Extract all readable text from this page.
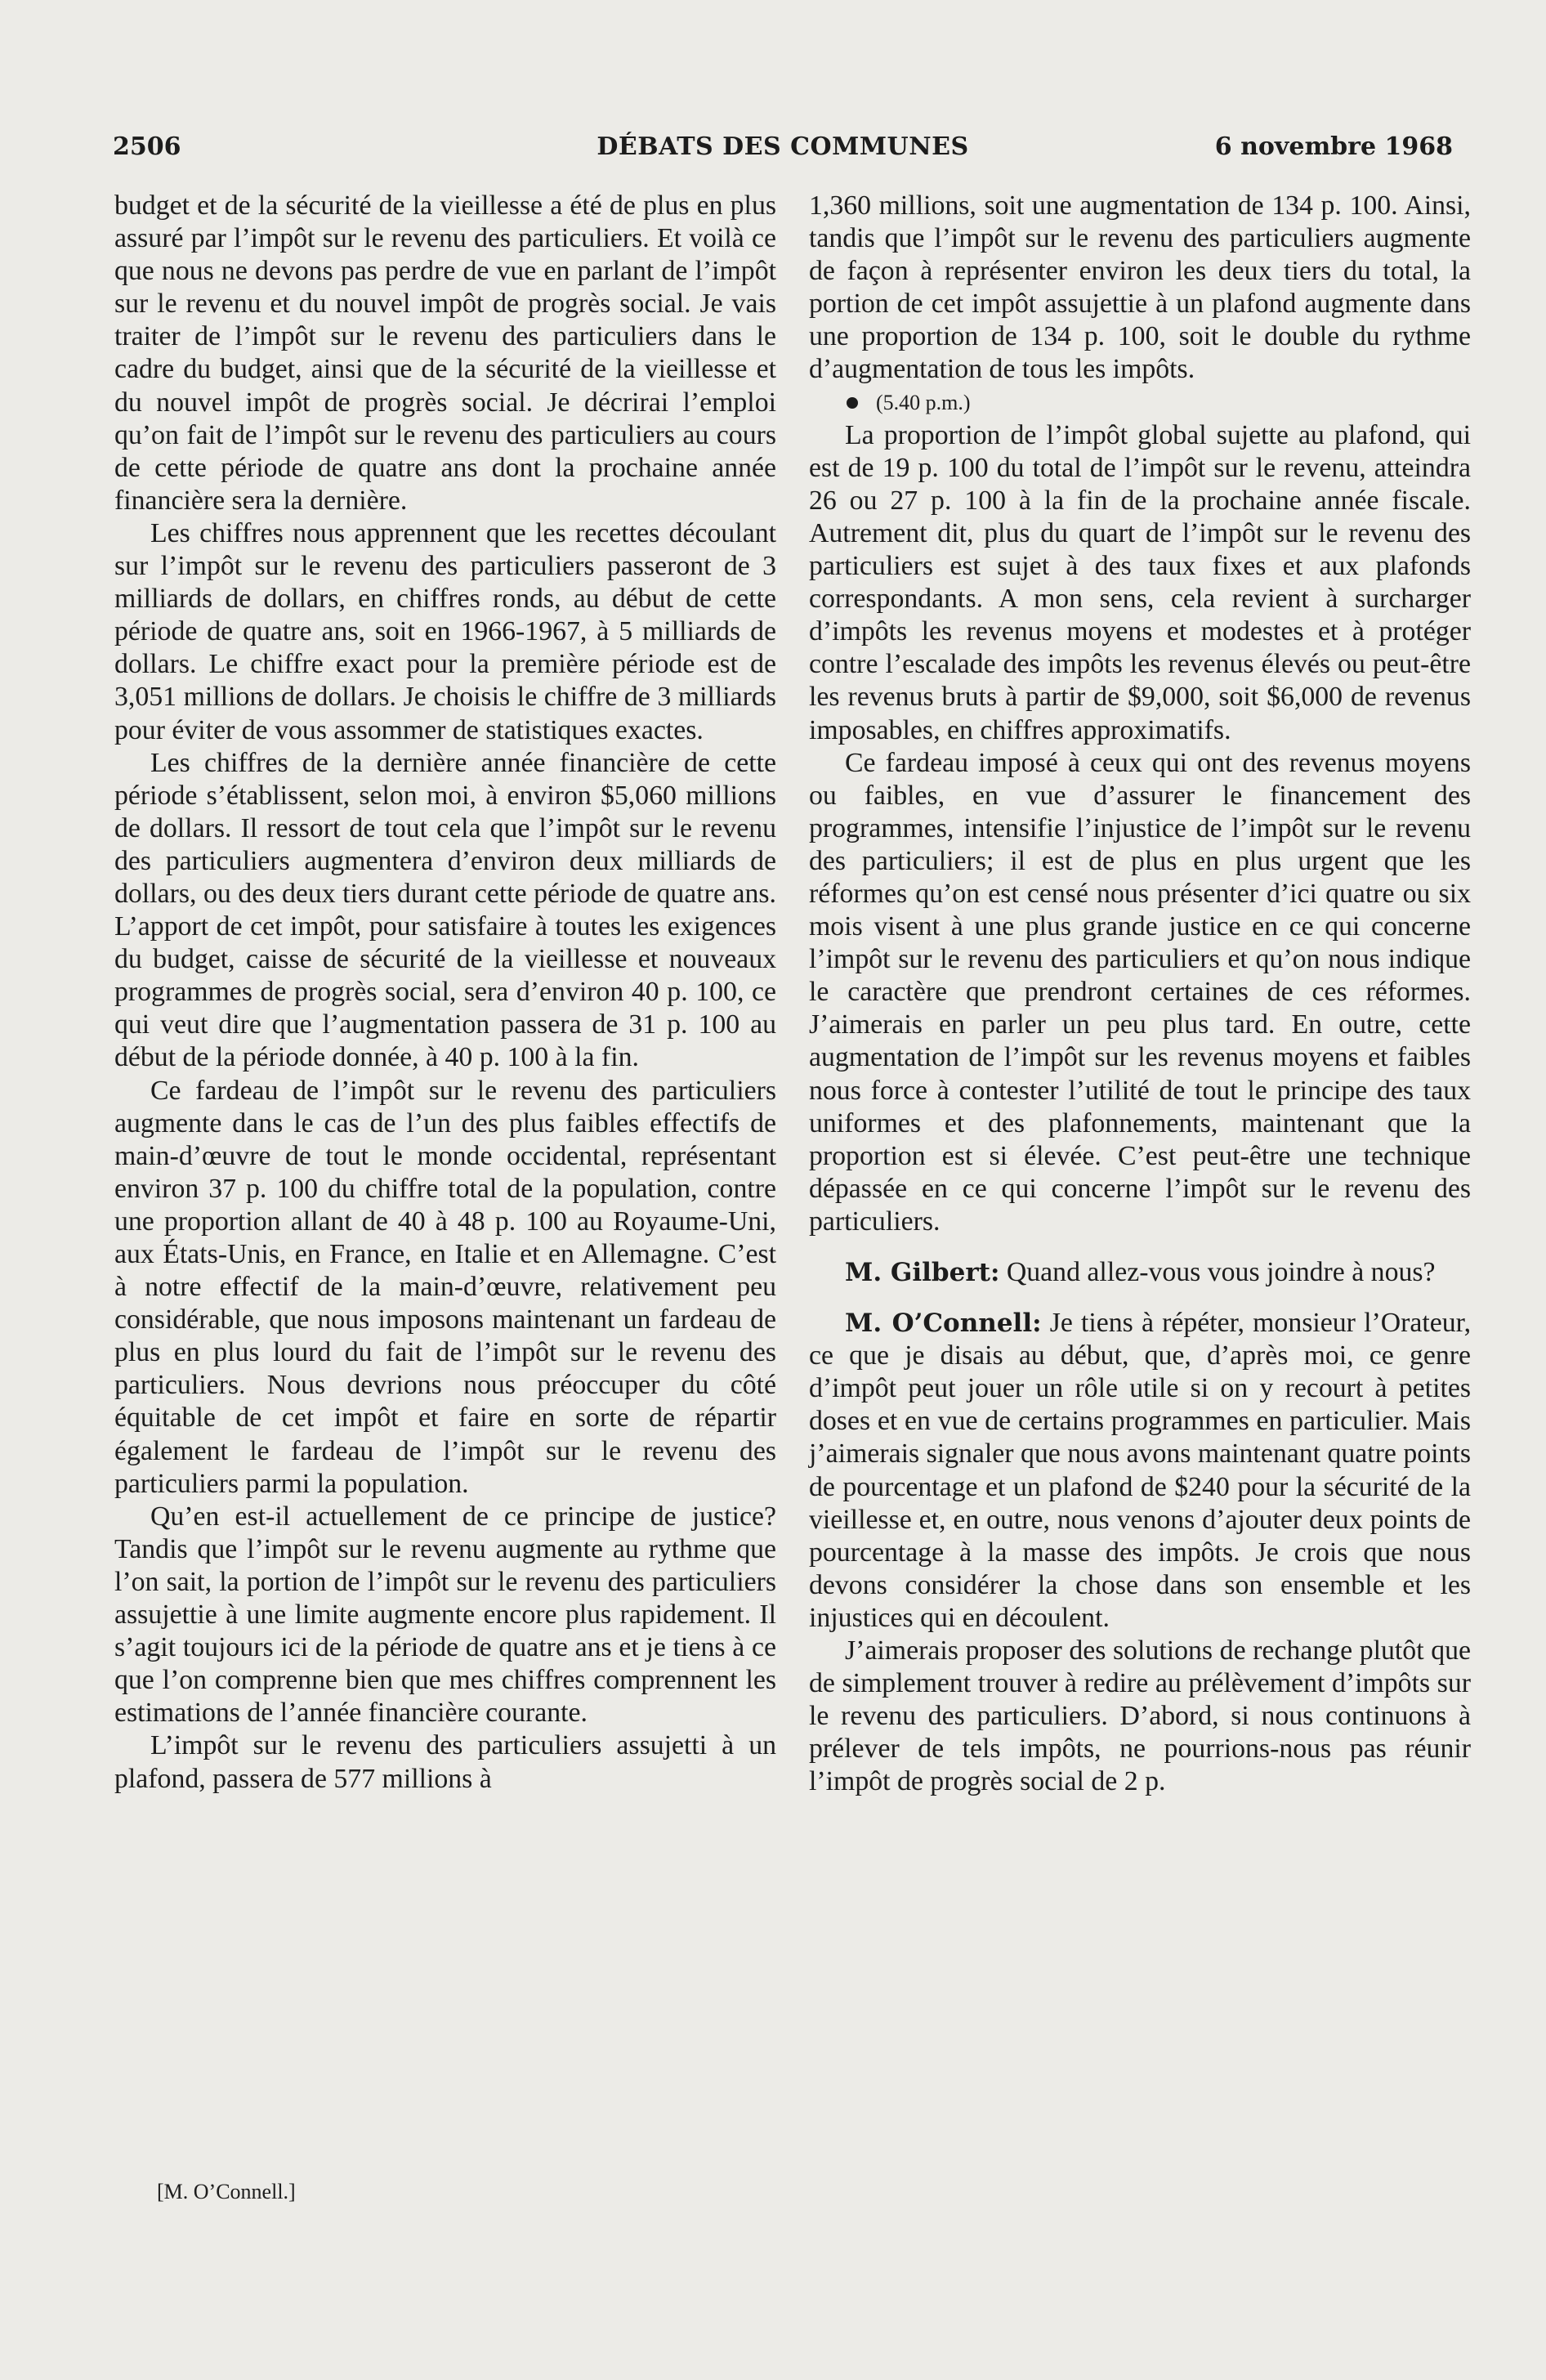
2506	DÉBATS DES COMMUNES	6 novembre 1968

budget et de la sécurité de la vieillesse a été de plus en plus assuré par l’impôt sur le revenu des particuliers. Et voilà ce que nous ne devons pas perdre de vue en parlant de l’impôt sur le revenu et du nouvel impôt de progrès social. Je vais traiter de l’impôt sur le revenu des particuliers dans le cadre du budget, ainsi que de la sécurité de la vieillesse et du nouvel impôt de progrès social. Je décrirai l’emploi qu’on fait de l’impôt sur le revenu des particuliers au cours de cette période de quatre ans dont la prochaine année financière sera la dernière.

Les chiffres nous apprennent que les recettes découlant sur l’impôt sur le revenu des particuliers passeront de 3 milliards de dollars, en chiffres ronds, au début de cette période de quatre ans, soit en 1966-1967, à 5 milliards de dollars. Le chiffre exact pour la première période est de 3,051 millions de dollars. Je choisis le chiffre de 3 milliards pour éviter de vous assommer de statistiques exactes.

Les chiffres de la dernière année financière de cette période s’établissent, selon moi, à environ $5,060 millions de dollars. Il ressort de tout cela que l’impôt sur le revenu des particuliers augmentera d’environ deux milliards de dollars, ou des deux tiers durant cette période de quatre ans. L’apport de cet impôt, pour satisfaire à toutes les exigences du budget, caisse de sécurité de la vieillesse et nouveaux programmes de progrès social, sera d’environ 40 p. 100, ce qui veut dire que l’augmentation passera de 31 p. 100 au début de la période donnée, à 40 p. 100 à la fin.

Ce fardeau de l’impôt sur le revenu des particuliers augmente dans le cas de l’un des plus faibles effectifs de main-d’œuvre de tout le monde occidental, représentant environ 37 p. 100 du chiffre total de la population, contre une proportion allant de 40 à 48 p. 100 au Royaume-Uni, aux États-Unis, en France, en Italie et en Allemagne. C’est à notre effectif de la main-d’œuvre, relativement peu considérable, que nous imposons maintenant un fardeau de plus en plus lourd du fait de l’impôt sur le revenu des particuliers. Nous devrions nous préoccuper du côté équitable de cet impôt et faire en sorte de répartir également le fardeau de l’impôt sur le revenu des particuliers parmi la population.

Qu’en est-il actuellement de ce principe de justice? Tandis que l’impôt sur le revenu augmente au rythme que l’on sait, la portion de l’impôt sur le revenu des particuliers assujettie à une limite augmente encore plus rapidement. Il s’agit toujours ici de la période de quatre ans et je tiens à ce que l’on comprenne bien que mes chiffres comprennent les estimations de l’année financière courante.

L’impôt sur le revenu des particuliers assujetti à un plafond, passera de 577 millions à

[M. O’Connell.]

1,360 millions, soit une augmentation de 134 p. 100. Ainsi, tandis que l’impôt sur le revenu des particuliers augmente de façon à représenter environ les deux tiers du total, la portion de cet impôt assujettie à un plafond augmente dans une proportion de 134 p. 100, soit le double du rythme d’augmentation de tous les impôts.

(5.40 p.m.)

La proportion de l’impôt global sujette au plafond, qui est de 19 p. 100 du total de l’impôt sur le revenu, atteindra 26 ou 27 p. 100 à la fin de la prochaine année fiscale. Autrement dit, plus du quart de l’impôt sur le revenu des particuliers est sujet à des taux fixes et aux plafonds correspondants. A mon sens, cela revient à surcharger d’impôts les revenus moyens et modestes et à protéger contre l’escalade des impôts les revenus élevés ou peut-être les revenus bruts à partir de $9,000, soit $6,000 de revenus imposables, en chiffres approximatifs.

Ce fardeau imposé à ceux qui ont des revenus moyens ou faibles, en vue d’assurer le financement des programmes, intensifie l’injustice de l’impôt sur le revenu des particuliers; il est de plus en plus urgent que les réformes qu’on est censé nous présenter d’ici quatre ou six mois visent à une plus grande justice en ce qui concerne l’impôt sur le revenu des particuliers et qu’on nous indique le caractère que prendront certaines de ces réformes. J’aimerais en parler un peu plus tard. En outre, cette augmentation de l’impôt sur les revenus moyens et faibles nous force à contester l’utilité de tout le principe des taux uniformes et des plafonnements, maintenant que la proportion est si élevée. C’est peut-être une technique dépassée en ce qui concerne l’impôt sur le revenu des particuliers.

M. Gilbert: Quand allez-vous vous joindre à nous?

M. O’Connell: Je tiens à répéter, monsieur l’Orateur, ce que je disais au début, que, d’après moi, ce genre d’impôt peut jouer un rôle utile si on y recourt à petites doses et en vue de certains programmes en particulier. Mais j’aimerais signaler que nous avons maintenant quatre points de pourcentage et un plafond de $240 pour la sécurité de la vieillesse et, en outre, nous venons d’ajouter deux points de pourcentage à la masse des impôts. Je crois que nous devons considérer la chose dans son ensemble et les injustices qui en découlent.

J’aimerais proposer des solutions de rechange plutôt que de simplement trouver à redire au prélèvement d’impôts sur le revenu des particuliers. D’abord, si nous continuons à prélever de tels impôts, ne pourrions-nous pas réunir l’impôt de progrès social de 2 p.
